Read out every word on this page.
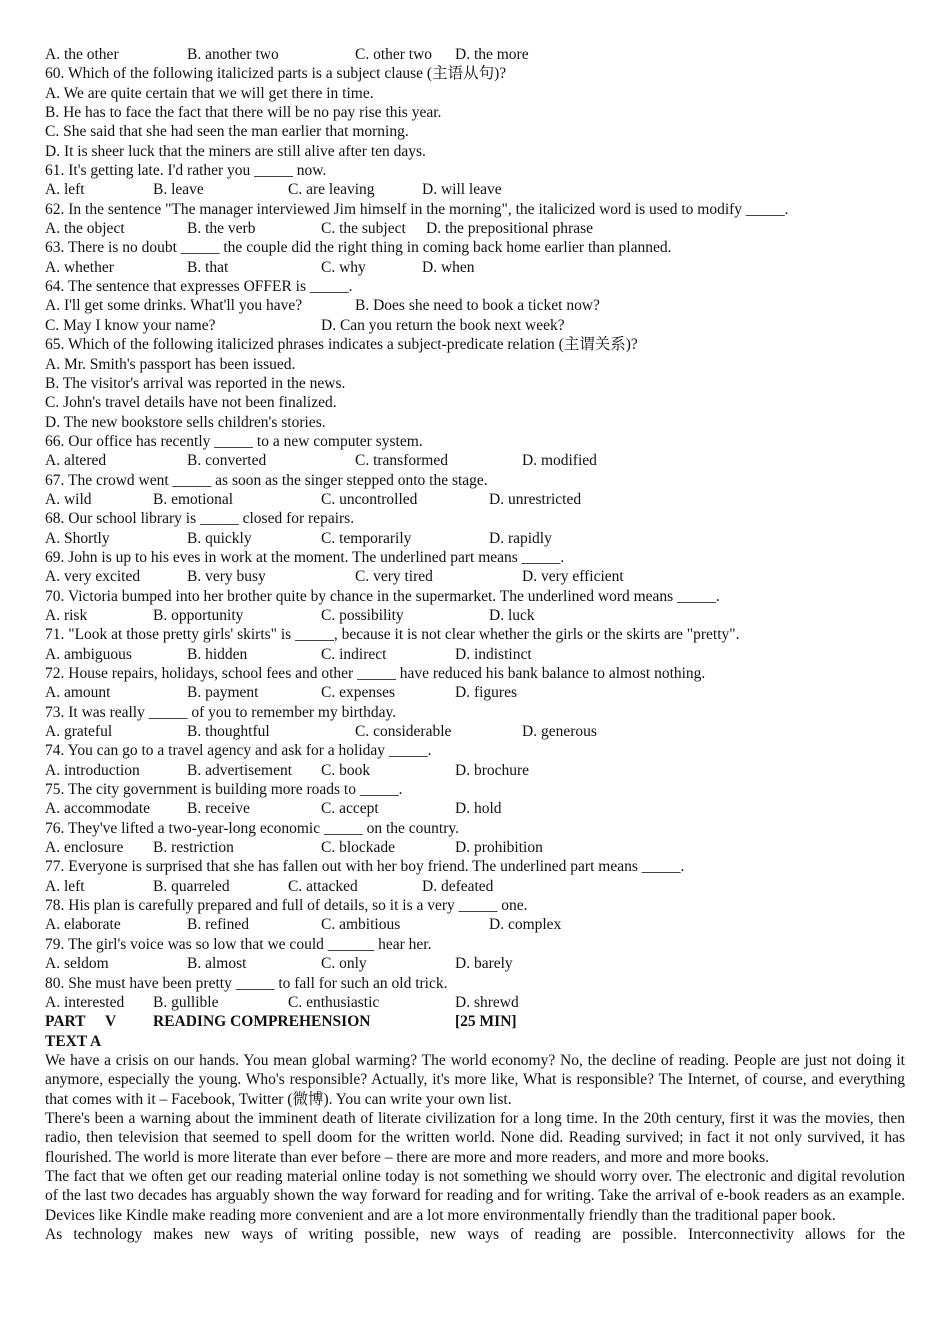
A. the other	B. another two	C. other two D. the more
60. Which of the following italicized parts is a subject clause (主语从句)?
A. We are quite certain that we will get there in time.
B. He has to face the fact that there will be no pay rise this year.
C. She said that she had seen the man earlier that morning.
D. It is sheer luck that the miners are still alive after ten days.
61. It's getting late. I'd rather you _____ now.
A. left	B. leave	C. are leaving	D. will leave
62. In the sentence "The manager interviewed Jim himself in the morning", the italicized word is used to modify _____.
A. the object	B. the verb	C. the subject D. the prepositional phrase
63. There is no doubt _____ the couple did the right thing in coming back home earlier than planned.
A. whether	B. that	C. why	D. when
64. The sentence that expresses OFFER is _____.
A. I'll get some drinks. What'll you have?	B. Does she need to book a ticket now?
C. May I know your name?	D. Can you return the book next week?
65. Which of the following italicized phrases indicates a subject-predicate relation (主谓关系)?
A. Mr. Smith's passport has been issued.
B. The visitor's arrival was reported in the news.
C. John's travel details have not been finalized.
D. The new bookstore sells children's stories.
66. Our office has recently _____ to a new computer system.
A. altered	B. converted	C. transformed	D. modified
67. The crowd went _____ as soon as the singer stepped onto the stage.
A. wild	B. emotional	C. uncontrolled	D. unrestricted
68. Our school library is _____ closed for repairs.
A. Shortly	B. quickly	C. temporarily	D. rapidly
69. John is up to his eves in work at the moment. The underlined part means _____.
A. very excited	B. very busy	C. very tired	D. very efficient
70. Victoria bumped into her brother quite by chance in the supermarket. The underlined word means _____.
A. risk	B. opportunity	C. possibility	D. luck
71. "Look at those pretty girls' skirts" is _____, because it is not clear whether the girls or the skirts are "pretty".
A. ambiguous	B. hidden	C. indirect	D. indistinct
72. House repairs, holidays, school fees and other _____ have reduced his bank balance to almost nothing.
A. amount	B. payment	C. expenses	D. figures
73. It was really _____ of you to remember my birthday.
A. grateful	B. thoughtful	C. considerable	D. generous
74. You can go to a travel agency and ask for a holiday _____.
A. introduction	B. advertisement C. book	D. brochure
75. The city government is building more roads to _____.
A. accommodate B. receive	C. accept	D. hold
76. They've lifted a two-year-long economic _____ on the country.
A. enclosure B. restriction	C. blockade	D. prohibition
77. Everyone is surprised that she has fallen out with her boy friend. The underlined part means _____.
A. left	B. quarreled	C. attacked	D. defeated
78. His plan is carefully prepared and full of details, so it is a very _____ one.
A. elaborate	B. refined	C. ambitious	D. complex
79. The girl's voice was so low that we could ______ hear her.
A. seldom	B. almost	C. only	D. barely
80. She must have been pretty _____ to fall for such an old trick.
A. interested B. gullible	C. enthusiastic	D. shrewd
PART V READING COMPREHENSION	[25 MIN]
TEXT A
We have a crisis on our hands. You mean global warming? The world economy? No, the decline of reading. People are just not doing it anymore, especially the young. Who's responsible? Actually, it's more like, What is responsible? The Internet, of course, and everything that comes with it – Facebook, Twitter (微博). You can write your own list.
There's been a warning about the imminent death of literate civilization for a long time. In the 20th century, first it was the movies, then radio, then television that seemed to spell doom for the written world. None did. Reading survived; in fact it not only survived, it has flourished. The world is more literate than ever before – there are more and more readers, and more and more books.
The fact that we often get our reading material online today is not something we should worry over. The electronic and digital revolution of the last two decades has arguably shown the way forward for reading and for writing. Take the arrival of e-book readers as an example. Devices like Kindle make reading more convenient and are a lot more environmentally friendly than the traditional paper book.
As technology makes new ways of writing possible, new ways of reading are possible. Interconnectivity allows for the
